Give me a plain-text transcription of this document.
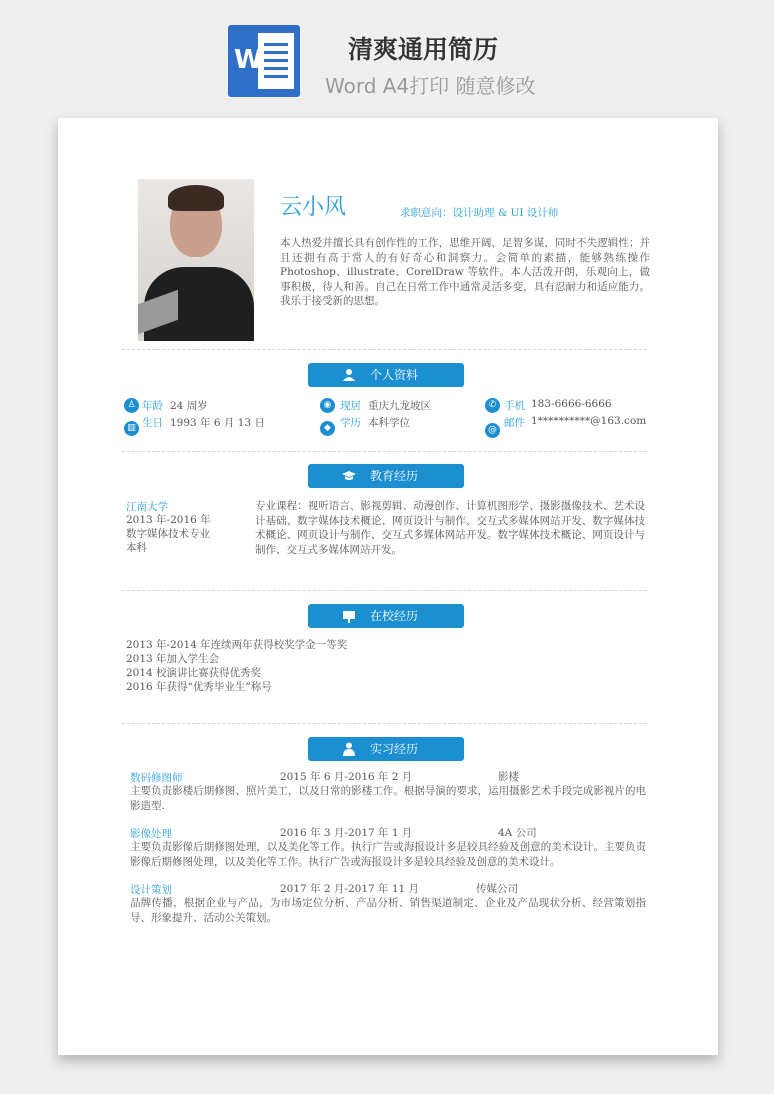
W	清爽通用简历
Word A4打印 随意修改
云小风	求职意向：设计助理 & UI 设计师
本人热爱并擅长具有创作性的工作，思维开阔，足智多谋，同时不失逻辑性；并且还拥有高于常人的有好奇心和洞察力。会简单的素描，能够熟练操作Photoshop、illustrate、CorelDraw 等软件。本人活泼开朗，乐观向上，做事积极，待人和善。自己在日常工作中通常灵活多变，具有忍耐力和适应能力。我乐于接受新的思想。
个人资料
♙ 年龄 24 周岁
▥ 生日 1993 年 6 月 13 日
◉ 现居 重庆九龙坡区
◆ 学历 本科学位
✆ 手机 183-6666-6666
@
邮件 1**********@163.com
教育经历
江南大学
2013 年-2016 年
数字媒体技术专业
本科
专业课程：视听语言、影视剪辑、动漫创作、计算机图形学、摄影摄像技术、艺术设计基础、数字媒体技术概论、网页设计与制作、交互式多媒体网站开发、数字媒体技术概论、网页设计与制作、交互式多媒体网站开发。数字媒体技术概论、网页设计与制作、交互式多媒体网站开发。
在校经历
2013 年-2014 年连续两年获得校奖学金一等奖
2013 年加入学生会
2014 校演讲比赛获得优秀奖
2016 年获得“优秀毕业生”称号
实习经历
数码修图师	2015 年 6 月-2016 年 2 月	影楼
主要负责影楼后期修图、照片美工，以及日常的影楼工作。根据导演的要求，运用摄影艺术手段完成影视片的电影造型.
影像处理	2016 年 3 月-2017 年 1 月	4A 公司
主要负责影像后期修图处理，以及美化等工作。执行广告或海报设计多是较具经验及创意的美术设计。主要负责影像后期修图处理，以及美化等工作。执行广告或海报设计多是较具经验及创意的美术设计。
设计策划	2017 年 2 月-2017 年 11 月	传媒公司
品牌传播，根据企业与产品，为市场定位分析、产品分析、销售渠道制定、企业及产品现状分析、经营策划指导、形象提升、活动公关策划。
